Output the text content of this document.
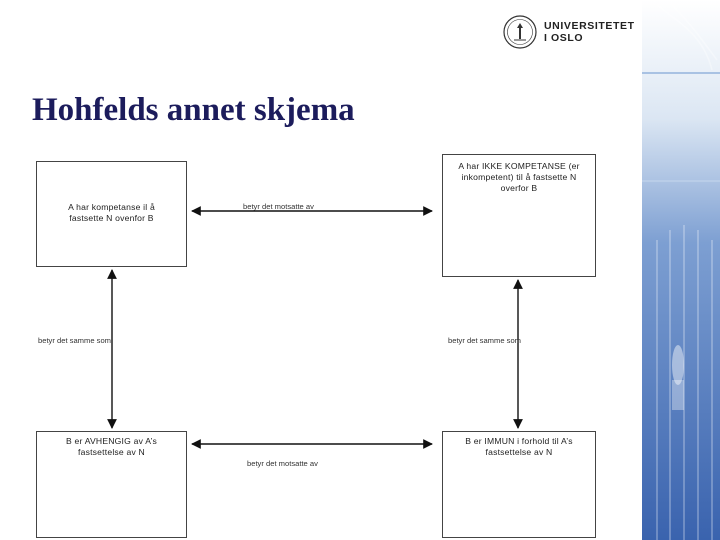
UNIVERSITETET
I OSLO
Hohfelds annet skjema
A har kompetanse il å
fastsette N ovenfor B
A har IKKE KOMPETANSE (er
inkompetent) til å fastsette N
overfor B
B er AVHENGIG av A’s
fastsettelse av N
B er IMMUN i forhold til A’s
fastsettelse av N
betyr det motsatte av
betyr det motsatte av
betyr det samme som	betyr det samme som
